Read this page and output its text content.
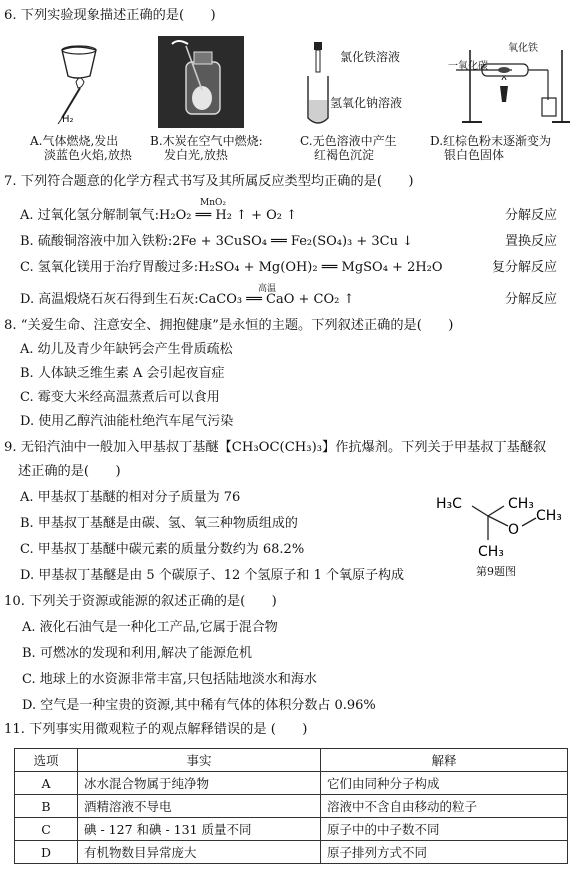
6. 下列实验现象描述正确的是(　　)
H₂
氯化铁溶液
氢氧化钠溶液
一氧化碳
氧化铁
A.气体燃烧,发出
淡蓝色火焰,放热
B.木炭在空气中燃烧:
发白光,放热
C.无色溶液中产生
红褐色沉淀
D.红棕色粉末逐渐变为
银白色固体
7. 下列符合题意的化学方程式书写及其所属反应类型均正确的是(　　)
MnO₂
A. 过氧化氢分解制氧气:H₂O₂ ══ H₂ ↑ + O₂ ↑	分解反应
B. 硫酸铜溶液中加入铁粉:2Fe + 3CuSO₄ ══ Fe₂(SO₄)₃ + 3Cu ↓	置换反应
C. 氢氧化镁用于治疗胃酸过多:H₂SO₄ + Mg(OH)₂ ══ MgSO₄ + 2H₂O	复分解反应
高温
D. 高温煅烧石灰石得到生石灰:CaCO₃ ══ CaO + CO₂ ↑	分解反应
8. “关爱生命、注意安全、拥抱健康”是永恒的主题。下列叙述正确的是(　　)
A. 幼儿及青少年缺钙会产生骨质疏松
B. 人体缺乏维生素 A 会引起夜盲症
C. 霉变大米经高温蒸煮后可以食用
D. 使用乙醇汽油能杜绝汽车尾气污染
9. 无铅汽油中一般加入甲基叔丁基醚【CH₃OC(CH₃)₃】作抗爆剂。下列关于甲基叔丁基醚叙
述正确的是(　　)
A. 甲基叔丁基醚的相对分子质量为 76
B. 甲基叔丁基醚是由碳、氢、氧三种物质组成的
C. 甲基叔丁基醚中碳元素的质量分数约为 68.2%
D. 甲基叔丁基醚是由 5 个碳原子、12 个氢原子和 1 个氧原子构成
H₃C	CH₃
O
CH₃
CH₃
第9题图
10. 下列关于资源或能源的叙述正确的是(　　)
A. 液化石油气是一种化工产品,它属于混合物
B. 可燃冰的发现和利用,解决了能源危机
C. 地球上的水资源非常丰富,只包括陆地淡水和海水
D. 空气是一种宝贵的资源,其中稀有气体的体积分数占 0.96%
11. 下列事实用微观粒子的观点解释错误的是 (　　)
选项	事实	解释
A	冰水混合物属于纯净物	它们由同种分子构成
B	酒精溶液不导电	溶液中不含自由移动的粒子
C	碘 - 127 和碘 - 131 质量不同	原子中的中子数不同
D	有机物数目异常庞大	原子排列方式不同
